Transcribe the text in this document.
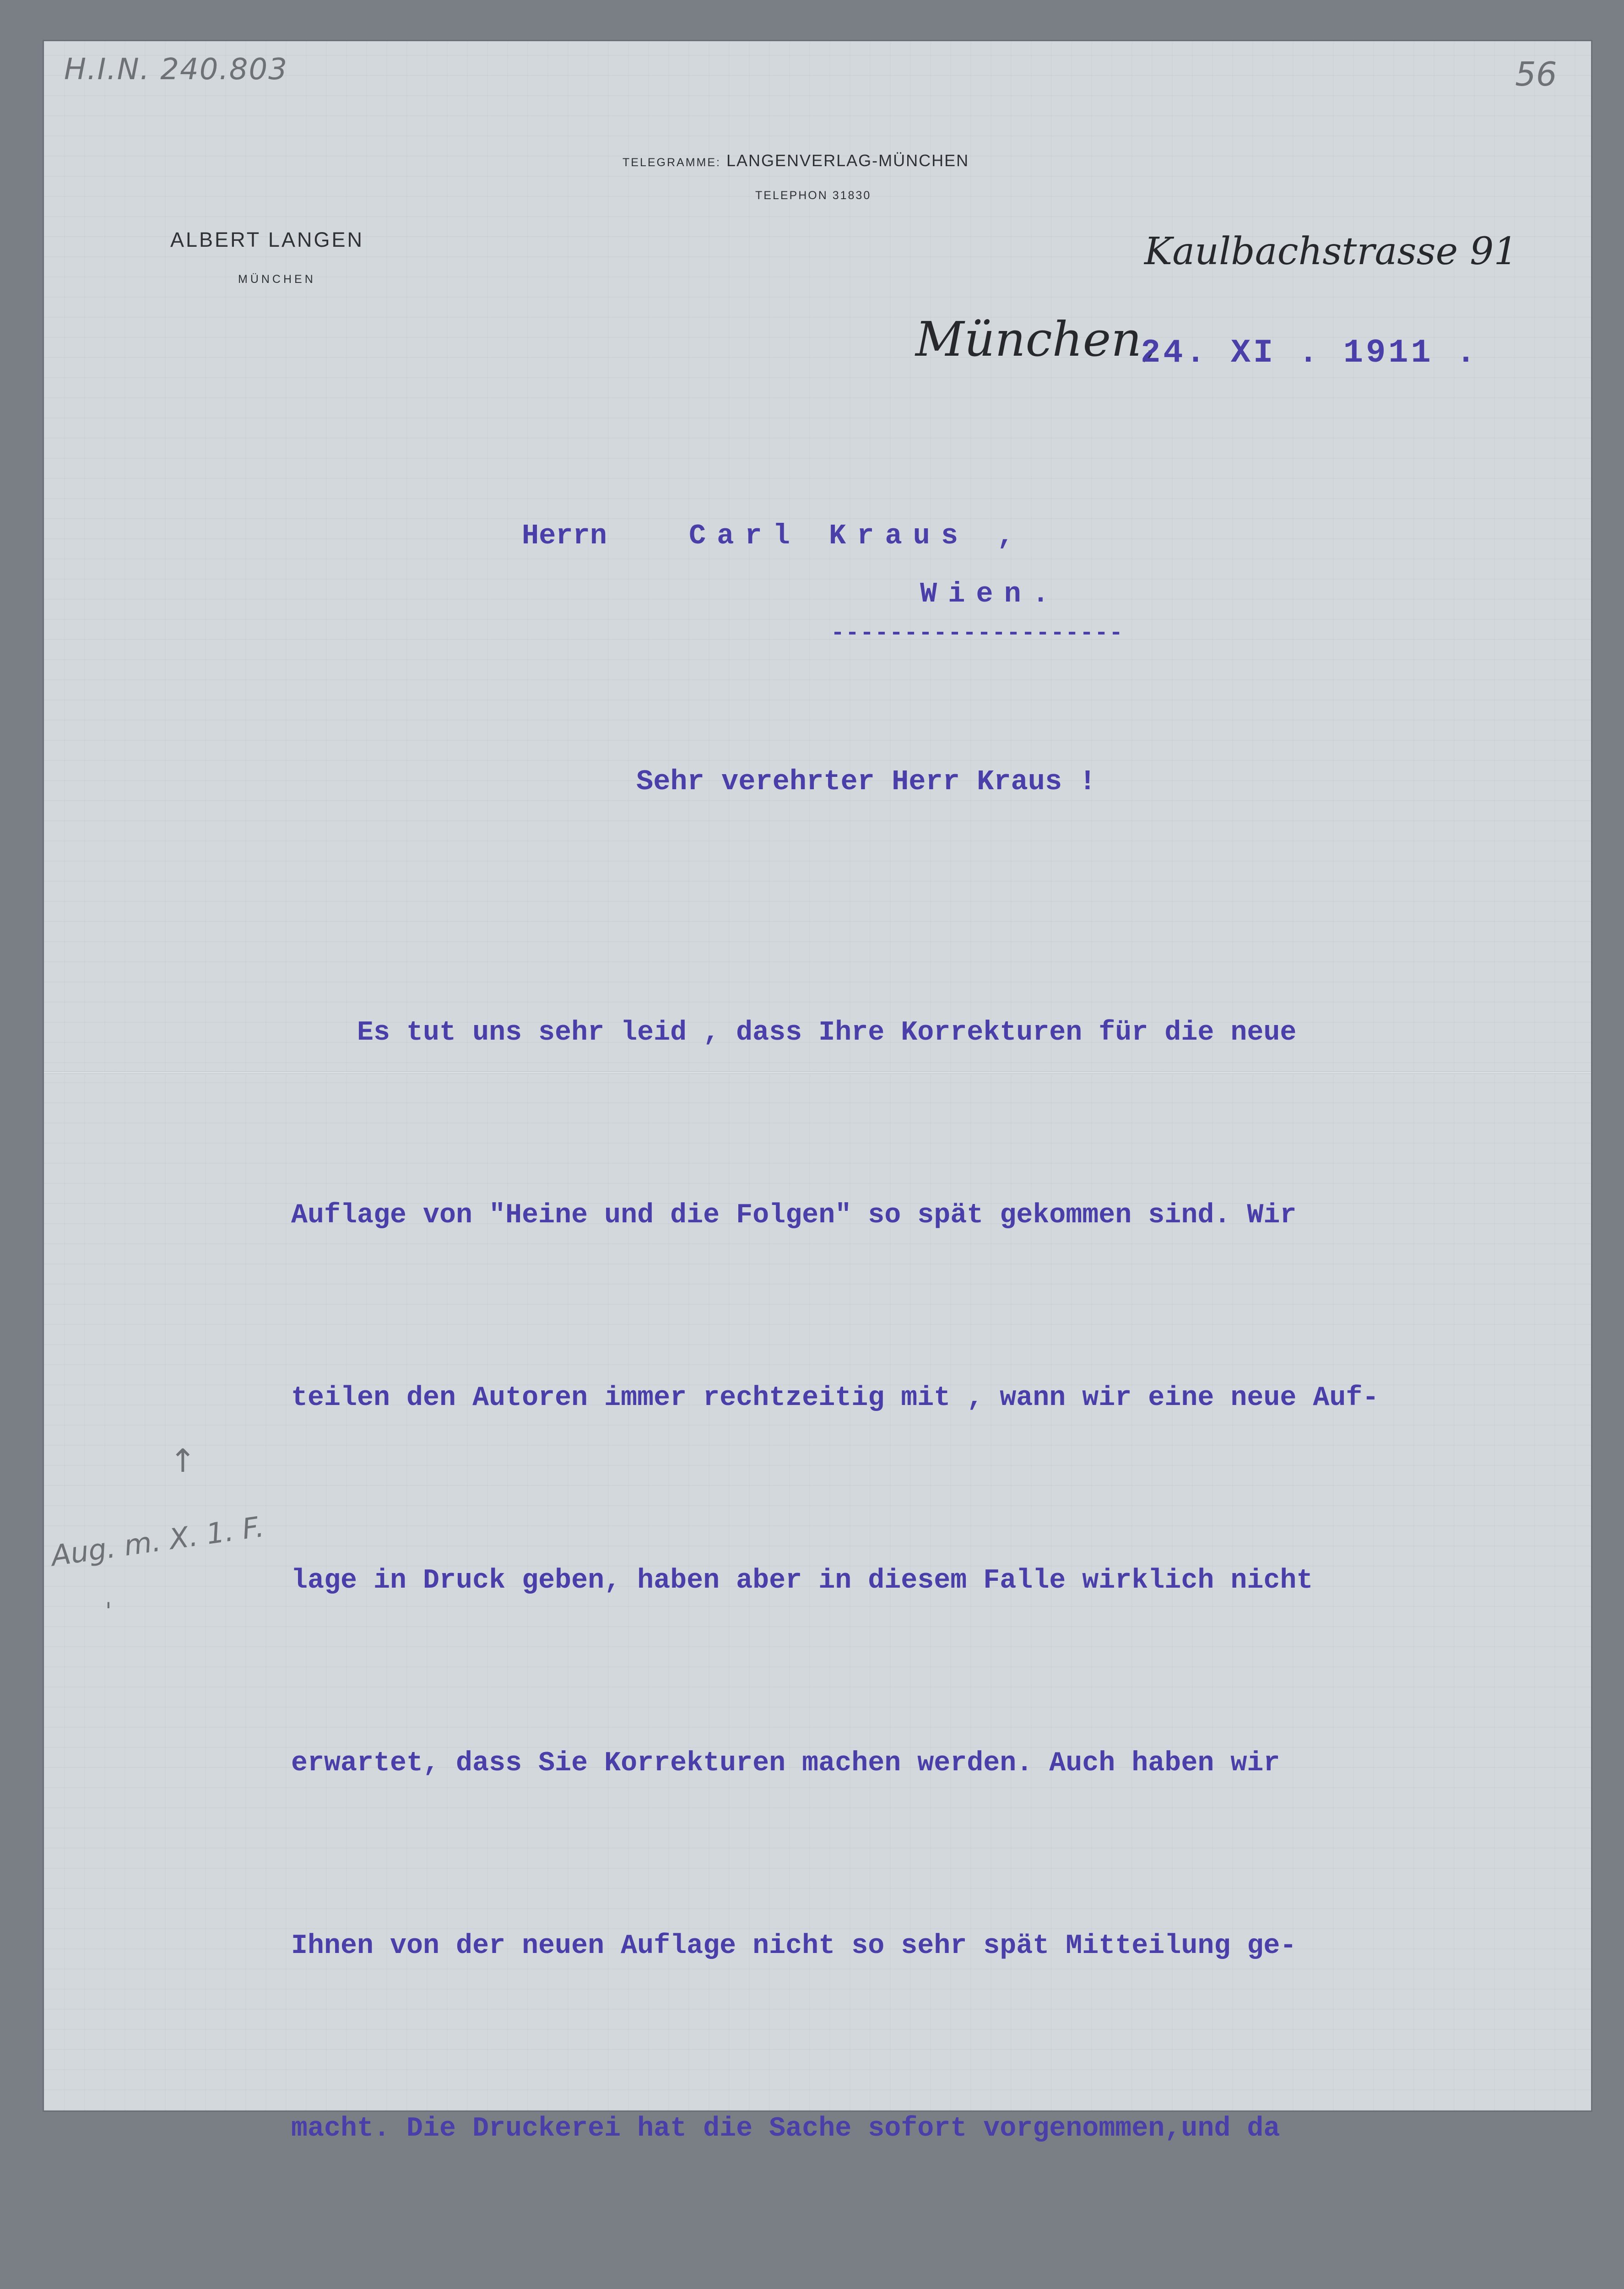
H.I.N. 240.803	56
↑
Aug. m. X. 1. F.
'
TELEGRAMME: LANGENVERLAG-MÜNCHEN
TELEPHON 31830
ALBERT LANGEN
MÜNCHEN
Kaulbachstrasse 91
München,
24. XI . 1911 .
Herrn	Carl Kraus ,
Wien.
--------------------
Sehr verehrter Herr Kraus !

Es tut uns sehr leid , dass Ihre Korrekturen für die neue

Auflage von "Heine und die Folgen" so spät gekommen sind. Wir

teilen den Autoren immer rechtzeitig mit , wann wir eine neue Auf-

lage in Druck geben, haben aber in diesem Falle wirklich nicht

erwartet, dass Sie Korrekturen machen werden. Auch haben wir

Ihnen von der neuen Auflage nicht so sehr spät Mitteilung ge-

macht. Die Druckerei hat die Sache sofort vorgenommen,und da
